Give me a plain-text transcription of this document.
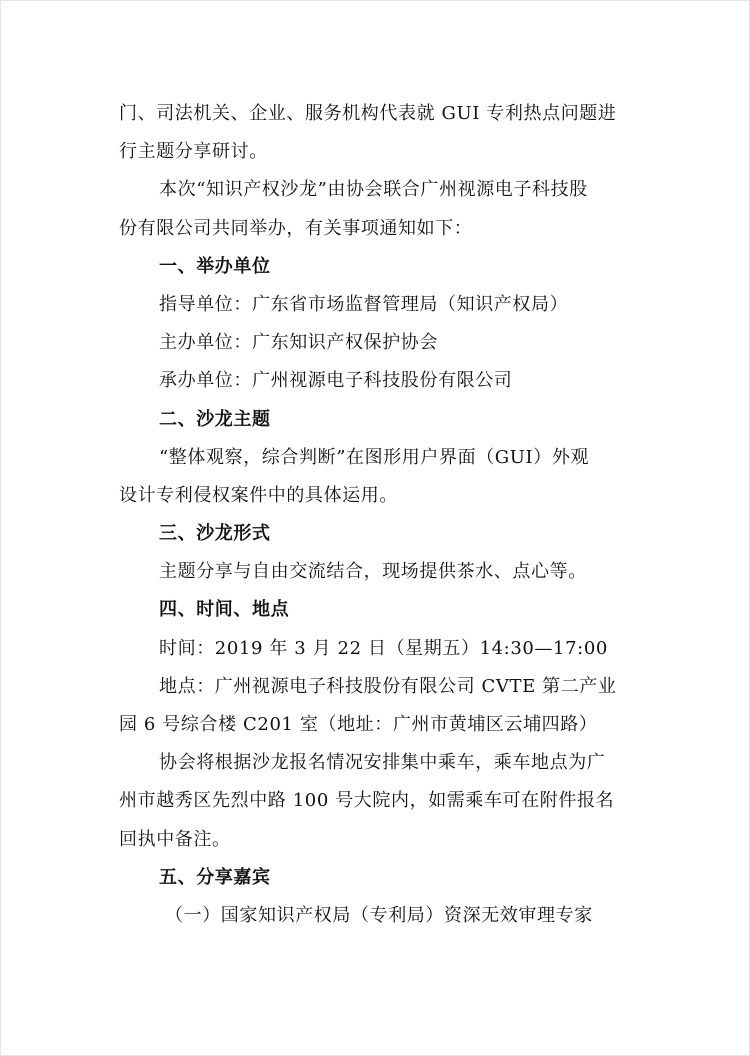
门、司法机关、企业、服务机构代表就 GUI 专利热点问题进
行主题分享研讨。
本次“知识产权沙龙”由协会联合广州视源电子科技股
份有限公司共同举办，有关事项通知如下：
一、举办单位
指导单位：广东省市场监督管理局（知识产权局）
主办单位：广东知识产权保护协会
承办单位：广州视源电子科技股份有限公司
二、沙龙主题
“整体观察，综合判断”在图形用户界面（GUI）外观
设计专利侵权案件中的具体运用。
三、沙龙形式
主题分享与自由交流结合，现场提供茶水、点心等。
四、时间、地点
时间：2019 年 3 月 22 日（星期五）14:30—17:00
地点：广州视源电子科技股份有限公司 CVTE 第二产业
园 6 号综合楼 C201 室（地址：广州市黄埔区云埔四路）
协会将根据沙龙报名情况安排集中乘车，乘车地点为广
州市越秀区先烈中路 100 号大院内，如需乘车可在附件报名
回执中备注。
五、分享嘉宾
（一）国家知识产权局（专利局）资深无效审理专家
